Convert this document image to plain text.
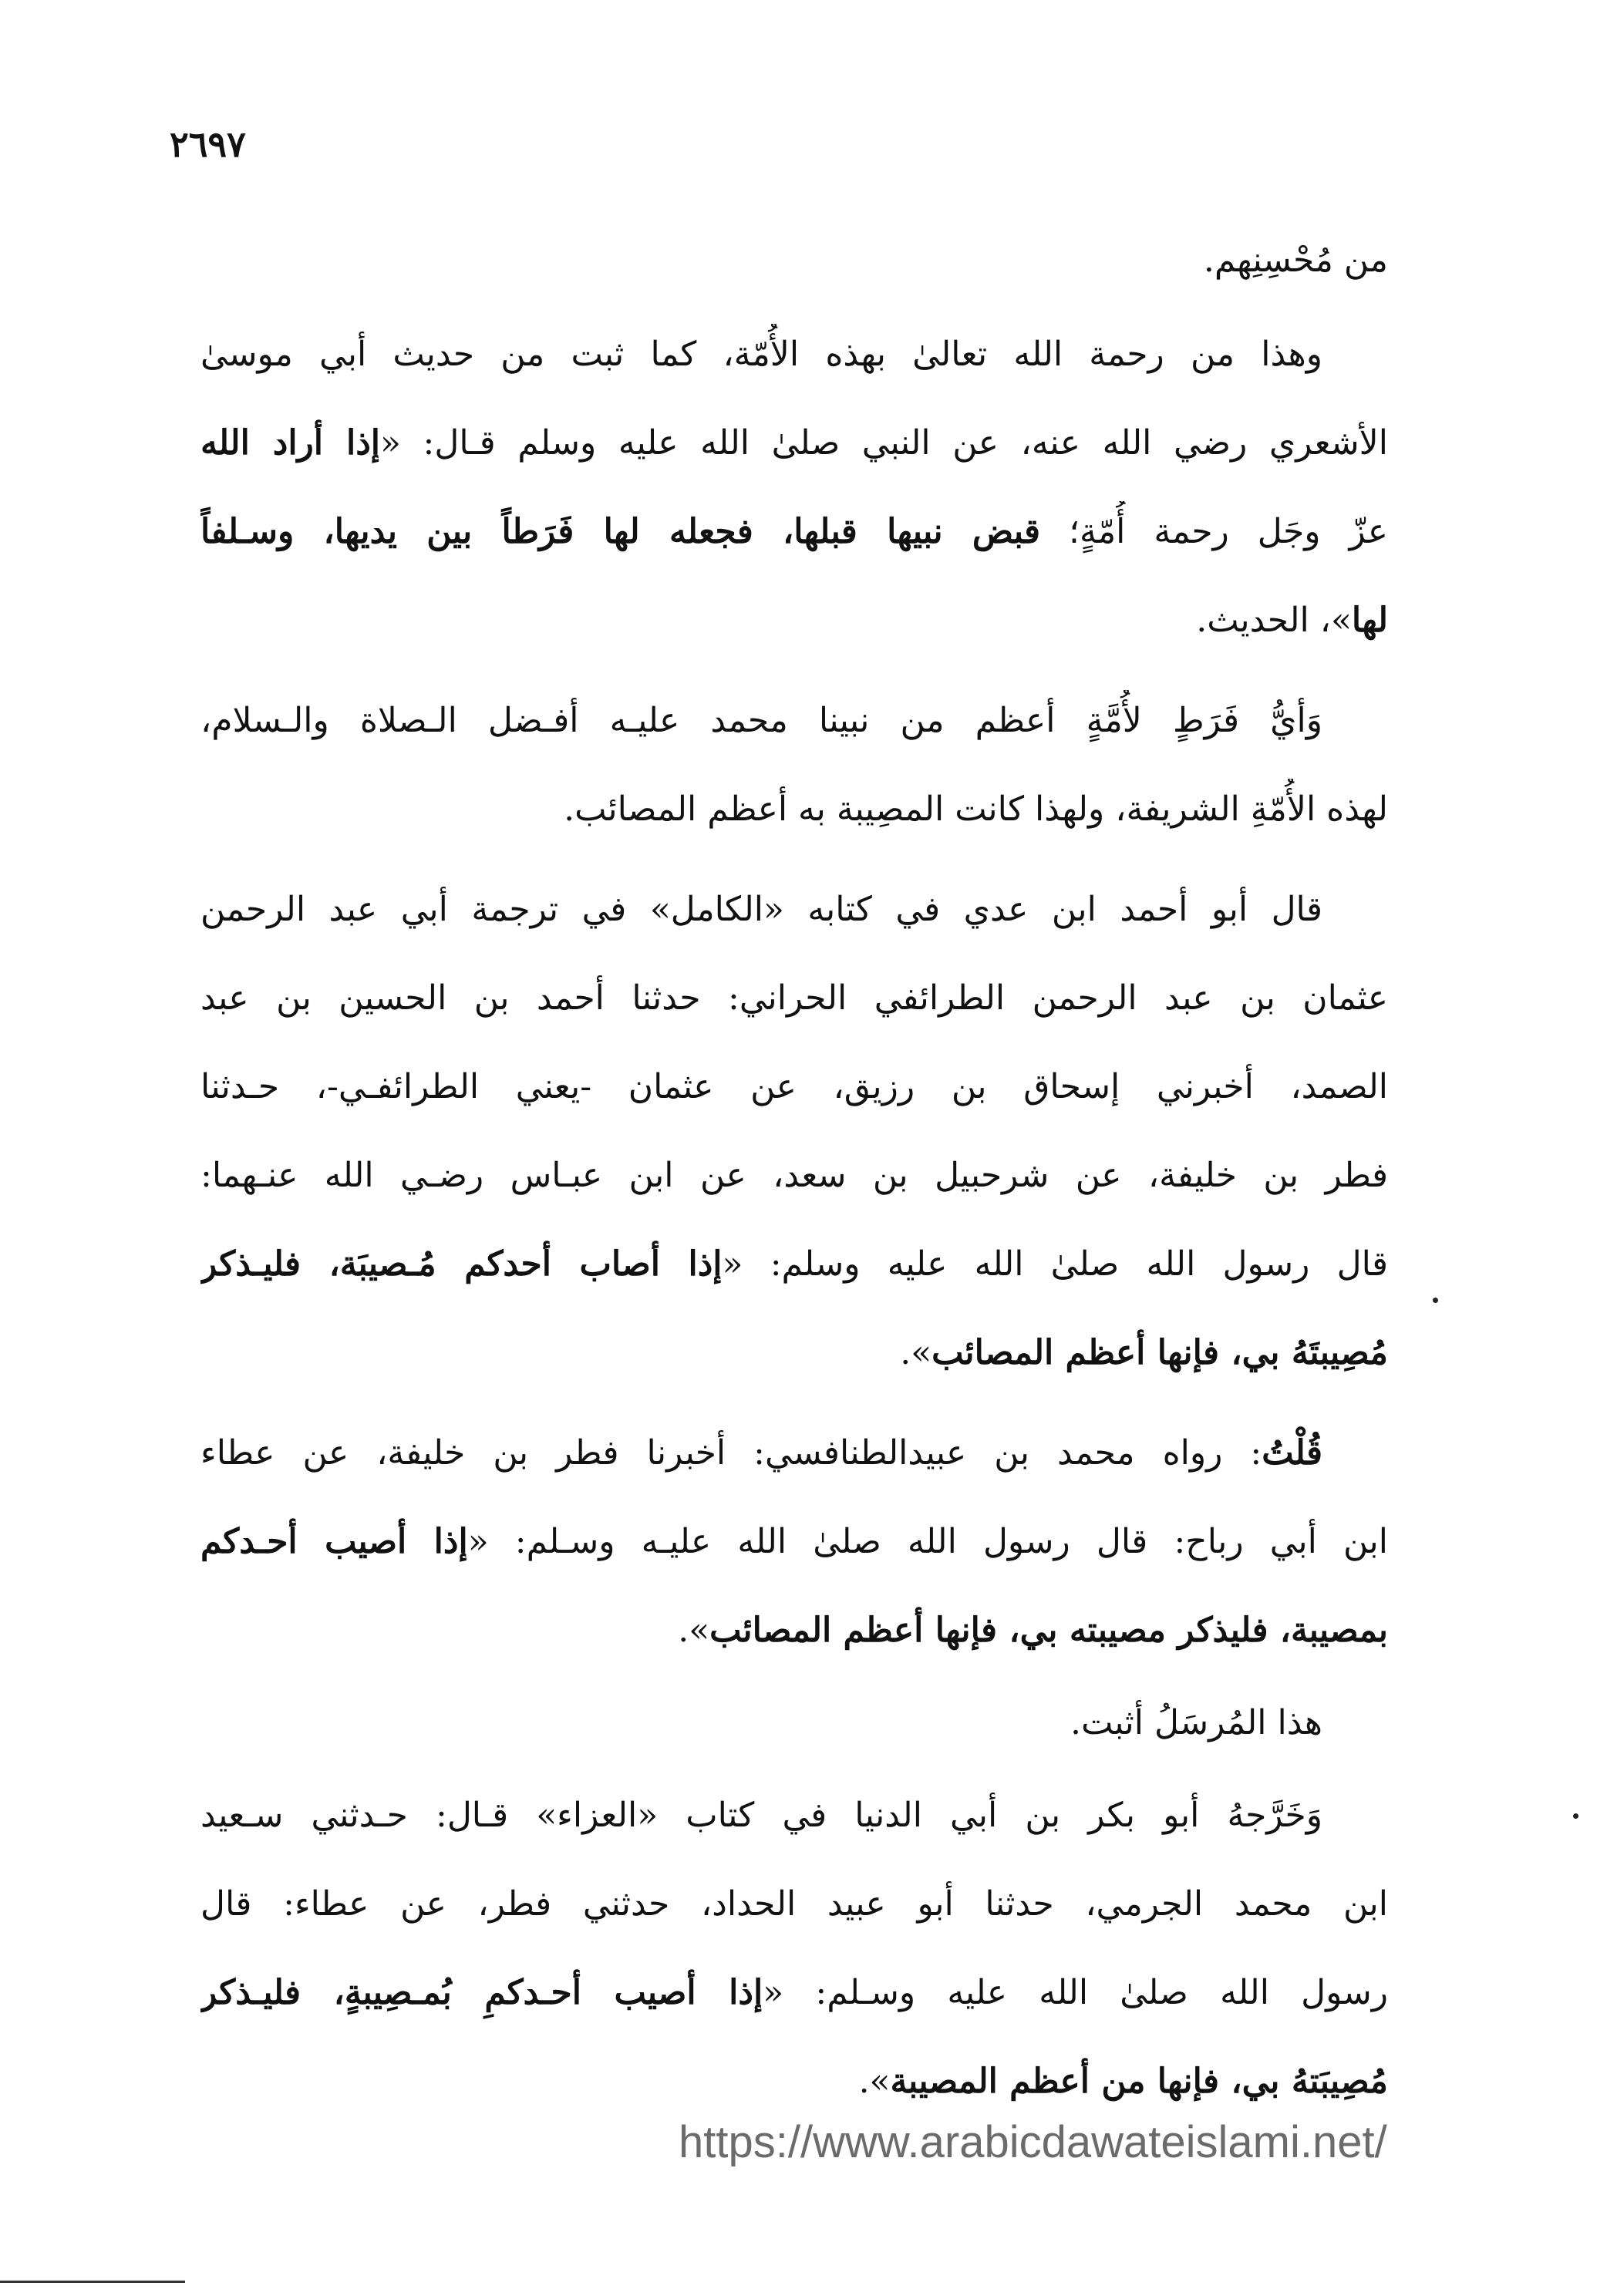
٢٦٩٧
من مُحْسِنِهم.
وهذا من رحمة الله تعالىٰ بهذه الأُمّة، كما ثبت من حديث أبي موسىٰ
الأشعري رضي الله عنه، عن النبي صلىٰ الله عليه وسلم قـال: «إذا أراد الله
عزّ وجَل رحمة أُمّةٍ؛ قبض نبيها قبلها، فجعله لها فَرَطاً بين يديها، وسـلفاً
لها»، الحديث.
وَأيُّ فَرَطٍ لأُمَّةٍ أعظم من نبينا محمد عليـه أفـضل الـصلاة والـسلام،
لهذه الأُمّةِ الشريفة، ولهذا كانت المصِيبة به أعظم المصائب.
قال أبو أحمد ابن عدي في كتابه «الكامل» في ترجمة أبي عبد الرحمن
عثمان بن عبد الرحمن الطرائفي الحراني: حدثنا أحمد بن الحسين بن عبد
الصمد، أخبرني إسحاق بن رزيق، عن عثمان -يعني الطرائفـي-، حـدثنا
فطر بن خليفة، عن شرحبيل بن سعد، عن ابن عبـاس رضـي الله عنـهما:
قال رسول الله صلىٰ الله عليه وسلم: «إذا أصاب أحدكم مُـصيبَة، فليـذكر
مُصِيبتَهُ بي، فإنها أعظم المصائب».
قُلْتُ: رواه محمد بن عبيدالطنافسي: أخبرنا فطر بن خليفة، عن عطاء
ابن أبي رباح: قال رسول الله صلىٰ الله عليـه وسـلم: «إذا أصيب أحـدكم
بمصيبة، فليذكر مصيبته بي، فإنها أعظم المصائب».
هذا المُرسَلُ أثبت.
وَخَرَّجهُ أبو بكر بن أبي الدنيا في كتاب «العزاء» قـال: حـدثني سـعيد
ابن محمد الجرمي، حدثنا أبو عبيد الحداد، حدثني فطر، عن عطاء: قال
رسول الله صلىٰ الله عليه وسـلم: «إذا أصيب أحـدكمِ بُمـصِيبةٍ، فليـذكر
مُصِيبَتهُ بي، فإنها من أعظم المصيبة».
https://www.arabicdawateislami.net/
